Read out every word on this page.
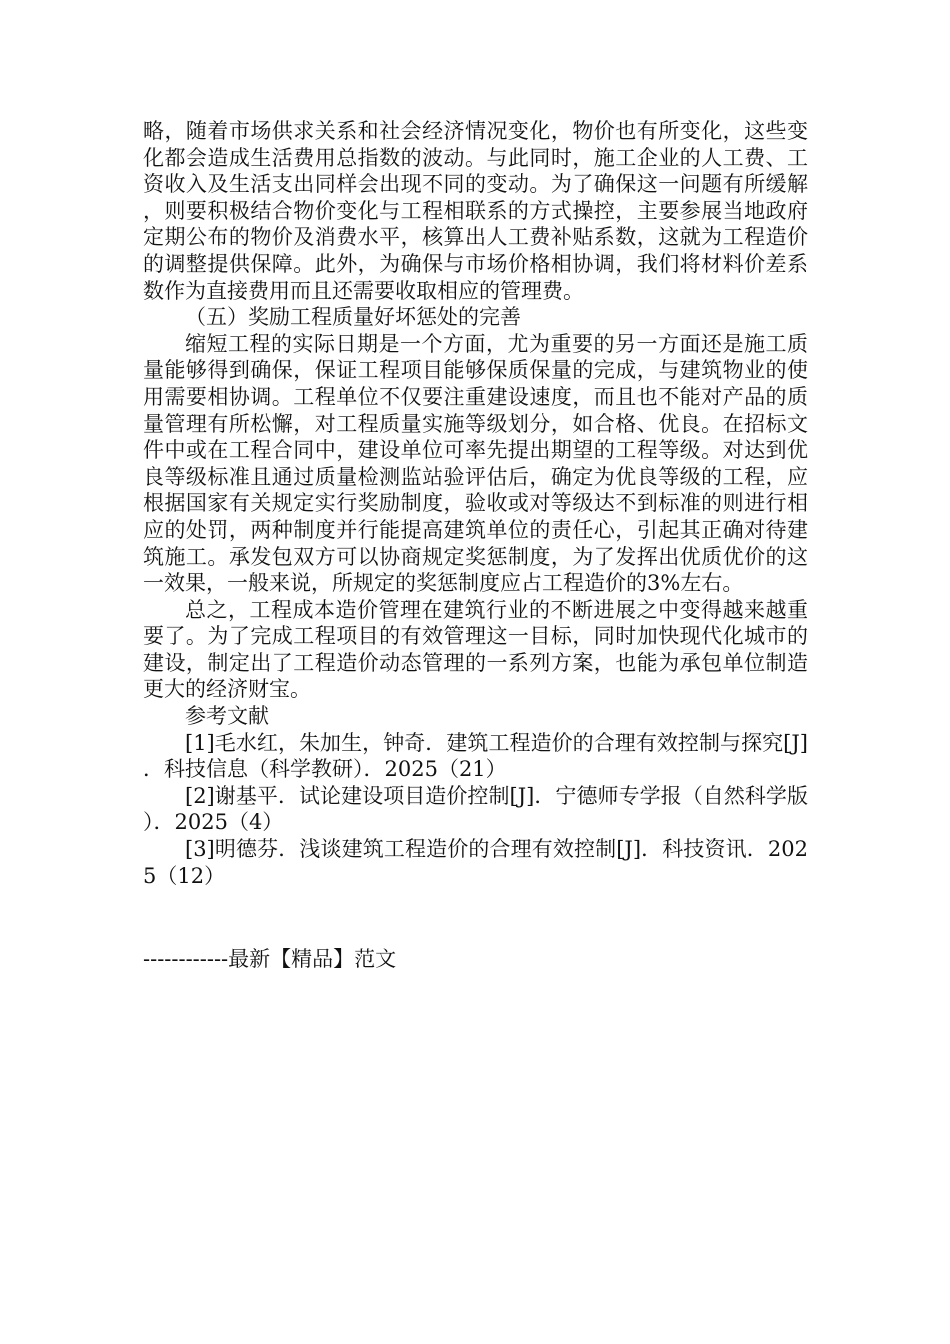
略，随着市场供求关系和社会经济情况变化，物价也有所变化，这些变化都会造成生活费用总指数的波动。与此同时，施工企业的人工费、工资收入及生活支出同样会出现不同的变动。为了确保这一问题有所缓解，则要积极结合物价变化与工程相联系的方式操控，主要参展当地政府定期公布的物价及消费水平，核算出人工费补贴系数，这就为工程造价的调整提供保障。此外，为确保与市场价格相协调，我们将材料价差系数作为直接费用而且还需要收取相应的管理费。

（五）奖励工程质量好坏惩处的完善

缩短工程的实际日期是一个方面，尤为重要的另一方面还是施工质量能够得到确保，保证工程项目能够保质保量的完成，与建筑物业的使用需要相协调。工程单位不仅要注重建设速度，而且也不能对产品的质量管理有所松懈，对工程质量实施等级划分，如合格、优良。在招标文件中或在工程合同中，建设单位可率先提出期望的工程等级。对达到优良等级标准且通过质量检测监站验评估后，确定为优良等级的工程，应根据国家有关规定实行奖励制度，验收或对等级达不到标准的则进行相应的处罚，两种制度并行能提高建筑单位的责任心，引起其正确对待建筑施工。承发包双方可以协商规定奖惩制度，为了发挥出优质优价的这一效果，一般来说，所规定的奖惩制度应占工程造价的3%左右。

总之，工程成本造价管理在建筑行业的不断进展之中变得越来越重要了。为了完成工程项目的有效管理这一目标，同时加快现代化城市的建设，制定出了工程造价动态管理的一系列方案，也能为承包单位制造更大的经济财宝。

参考文献

[1]毛水红，朱加生，钟奇．建筑工程造价的合理有效控制与探究[J]．科技信息（科学教研）．2025（21）

[2]谢基平．试论建设项目造价控制[J]．宁德师专学报（自然科学版）．2025（4）

[3]明德芬．浅谈建筑工程造价的合理有效控制[J]．科技资讯．2025（12）

------------最新【精品】范文
